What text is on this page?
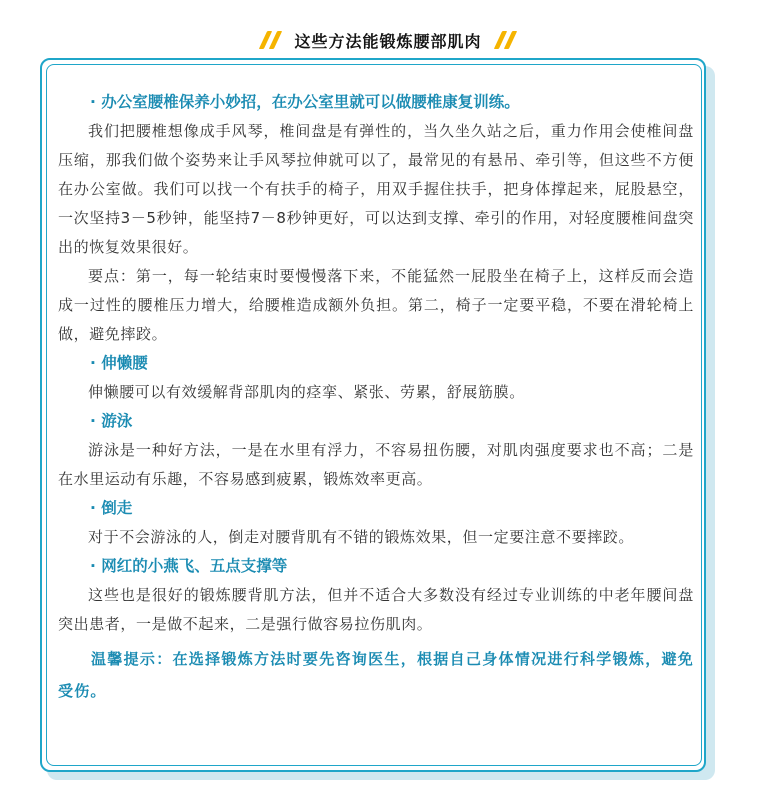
这些方法能锻炼腰部肌肉
· 办公室腰椎保养小妙招，在办公室里就可以做腰椎康复训练。

我们把腰椎想像成手风琴，椎间盘是有弹性的，当久坐久站之后，重力作用会使椎间盘压缩，那我们做个姿势来让手风琴拉伸就可以了，最常见的有悬吊、牵引等，但这些不方便在办公室做。我们可以找一个有扶手的椅子，用双手握住扶手，把身体撑起来，屁股悬空，一次坚持3－5秒钟，能坚持7－8秒钟更好，可以达到支撑、牵引的作用，对轻度腰椎间盘突出的恢复效果很好。

要点：第一，每一轮结束时要慢慢落下来，不能猛然一屁股坐在椅子上，这样反而会造成一过性的腰椎压力增大，给腰椎造成额外负担。第二，椅子一定要平稳，不要在滑轮椅上做，避免摔跤。

· 伸懒腰

伸懒腰可以有效缓解背部肌肉的痉挛、紧张、劳累，舒展筋膜。

· 游泳

游泳是一种好方法，一是在水里有浮力，不容易扭伤腰，对肌肉强度要求也不高；二是在水里运动有乐趣，不容易感到疲累，锻炼效率更高。

· 倒走

对于不会游泳的人，倒走对腰背肌有不错的锻炼效果，但一定要注意不要摔跤。

· 网红的小燕飞、五点支撑等

这些也是很好的锻炼腰背肌方法，但并不适合大多数没有经过专业训练的中老年腰间盘突出患者，一是做不起来，二是强行做容易拉伤肌肉。

温馨提示：在选择锻炼方法时要先咨询医生，根据自己身体情况进行科学锻炼，避免受伤。
